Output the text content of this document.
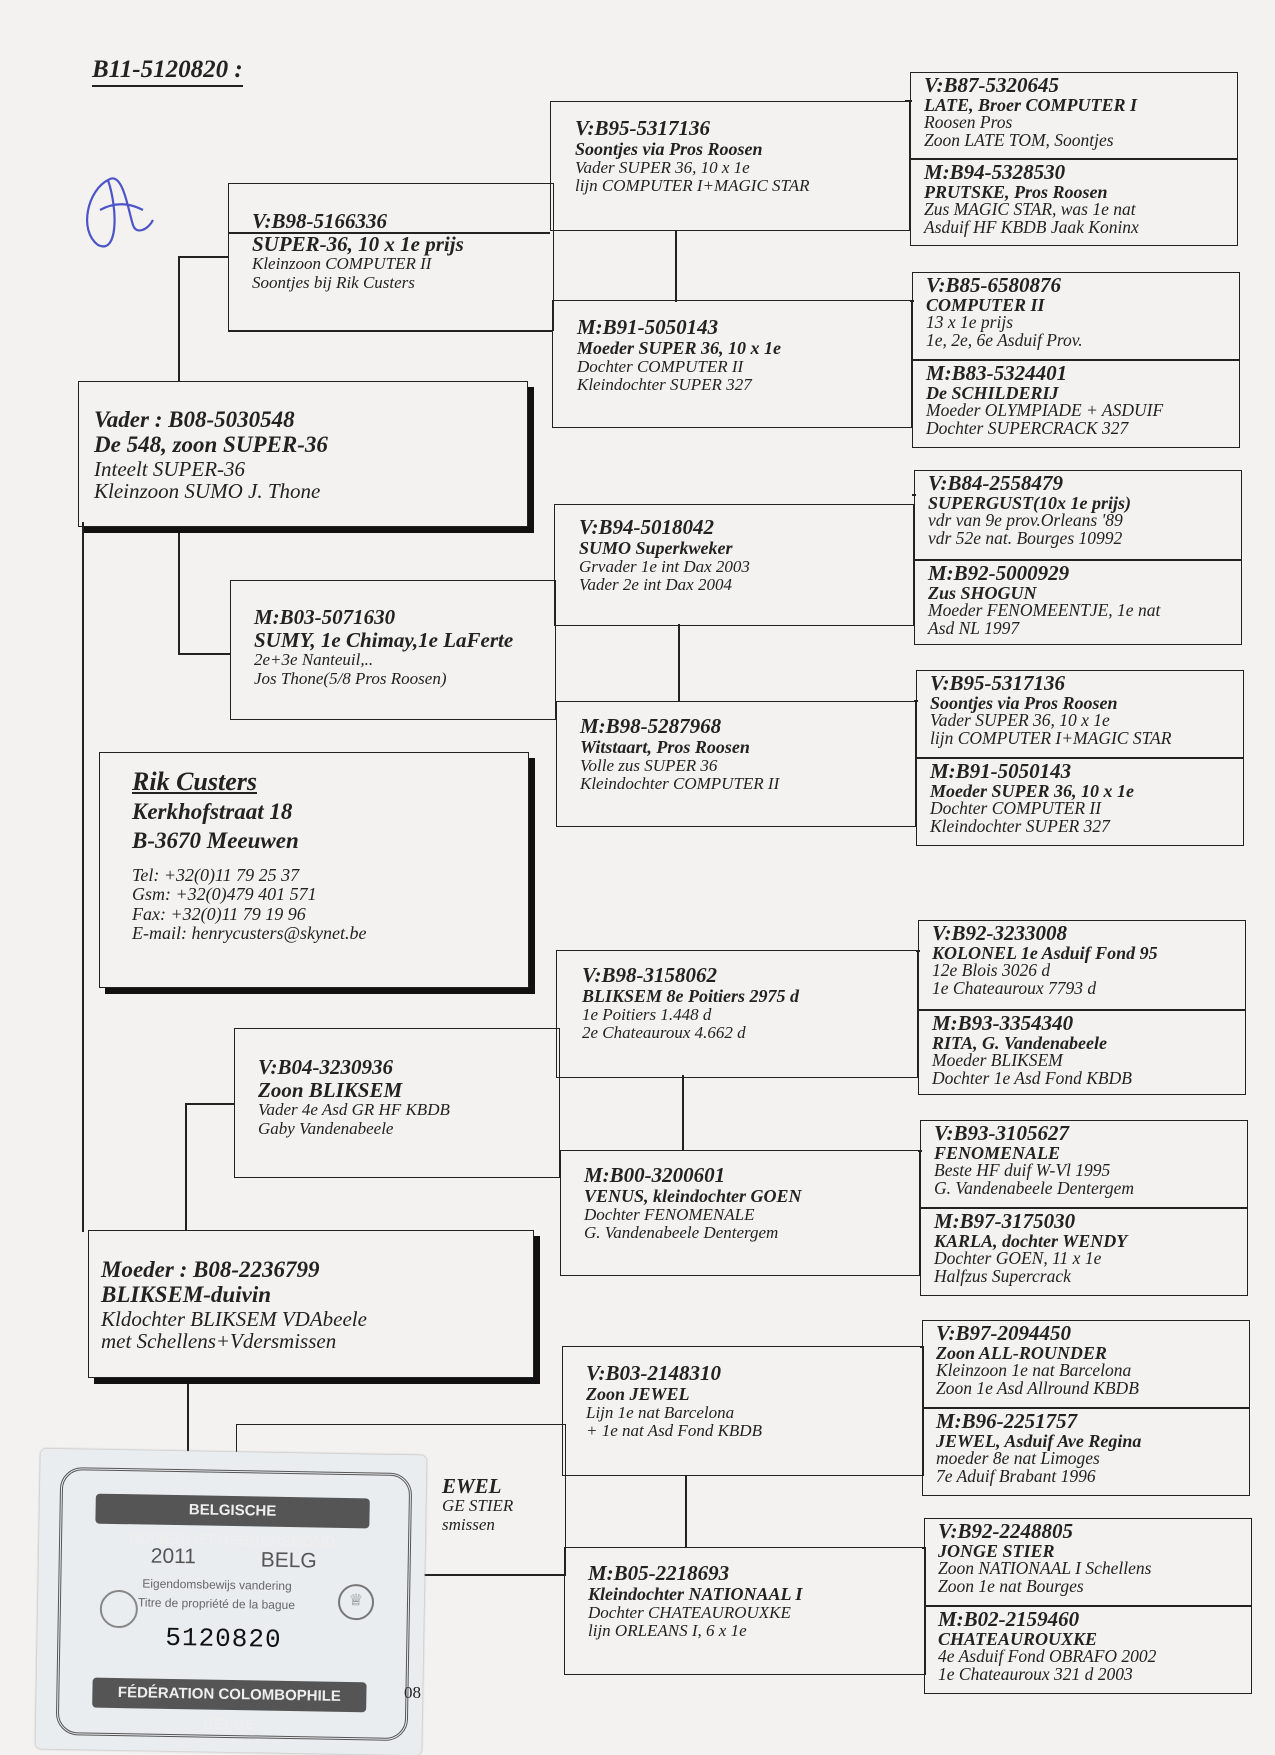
B11-5120820 :
Vader : B08-5030548
De 548, zoon SUPER-36
Inteelt SUPER-36
Kleinzoon SUMO J. Thone
Rik Custers
Kerkhofstraat 18
B-3670 Meeuwen
Tel: +32(0)11 79 25 37
Gsm: +32(0)479 401 571
Fax: +32(0)11 79 19 96
E-mail: henrycusters@skynet.be
Moeder : B08-2236799
BLIKSEM-duivin
Kldochter BLIKSEM VDAbeele
met Schellens+Vdersmissen
V:B98-5166336
SUPER-36, 10 x 1e prijs
Kleinzoon COMPUTER II
Soontjes bij Rik Custers
M:B03-5071630
SUMY, 1e Chimay,1e LaFerte
2e+3e Nanteuil,..
Jos Thone(5/8 Pros Roosen)
V:B04-3230936
Zoon BLIKSEM
Vader 4e Asd GR HF KBDB
Gaby Vandenabeele
EWEL
GE STIER
smissen
V:B95-5317136
Soontjes via Pros Roosen
Vader SUPER 36, 10 x 1e
lijn COMPUTER I+MAGIC STAR
M:B91-5050143
Moeder SUPER 36, 10 x 1e
Dochter COMPUTER II
Kleindochter SUPER 327
V:B94-5018042
SUMO Superkweker
Grvader 1e int Dax 2003
Vader 2e int Dax 2004
M:B98-5287968
Witstaart, Pros Roosen
Volle zus SUPER 36
Kleindochter COMPUTER II
V:B98-3158062
BLIKSEM 8e Poitiers 2975 d
1e Poitiers 1.448 d
2e Chateauroux 4.662 d
M:B00-3200601
VENUS, kleindochter GOEN
Dochter FENOMENALE
G. Vandenabeele Dentergem
V:B03-2148310
Zoon JEWEL
Lijn 1e nat Barcelona
+ 1e nat Asd Fond KBDB
M:B05-2218693
Kleindochter NATIONAAL I
Dochter CHATEAUROUXKE
lijn ORLEANS I, 6 x 1e
V:B87-5320645
LATE, Broer COMPUTER I
Roosen Pros
Zoon LATE TOM, Soontjes
M:B94-5328530
PRUTSKE, Pros Roosen
Zus MAGIC STAR, was 1e nat
Asduif HF KBDB Jaak Koninx
V:B85-6580876
COMPUTER II
13 x 1e prijs
1e, 2e, 6e Asduif Prov.
M:B83-5324401
De SCHILDERIJ
Moeder OLYMPIADE + ASDUIF
Dochter SUPERCRACK 327
V:B84-2558479
SUPERGUST(10x 1e prijs)
vdr van 9e prov.Orleans '89
vdr 52e nat. Bourges 10992
M:B92-5000929
Zus SHOGUN
Moeder FENOMEENTJE, 1e nat
Asd NL 1997
V:B95-5317136
Soontjes via Pros Roosen
Vader SUPER 36, 10 x 1e
lijn COMPUTER I+MAGIC STAR
M:B91-5050143
Moeder SUPER 36, 10 x 1e
Dochter COMPUTER II
Kleindochter SUPER 327
V:B92-3233008
KOLONEL 1e Asduif Fond 95
12e Blois 3026 d
1e Chateauroux 7793 d
M:B93-3354340
RITA, G. Vandenabeele
Moeder BLIKSEM
Dochter 1e Asd Fond KBDB
V:B93-3105627
FENOMENALE
Beste HF duif W-Vl 1995
G. Vandenabeele Dentergem
M:B97-3175030
KARLA, dochter WENDY
Dochter GOEN, 11 x 1e
Halfzus Supercrack
V:B97-2094450
Zoon ALL-ROUNDER
Kleinzoon 1e nat Barcelona
Zoon 1e Asd Allround KBDB
M:B96-2251757
JEWEL, Asduif Ave Regina
moeder 8e nat Limoges
7e Aduif Brabant 1996
V:B92-2248805
JONGE STIER
Zoon NATIONAAL I Schellens
Zoon 1e nat Bourges
M:B02-2159460
CHATEAUROUXKE
4e Asduif Fond OBRAFO 2002
1e Chateauroux 321 d 2003
BELGISCHE DUIVENLIEFHEBBERSBOND
2011	BELG
♕
Eigendomsbewijs vandering
Titre de propriété de la bague
5120820
FÉDÉRATION COLOMBOPHILE BELGE
08
